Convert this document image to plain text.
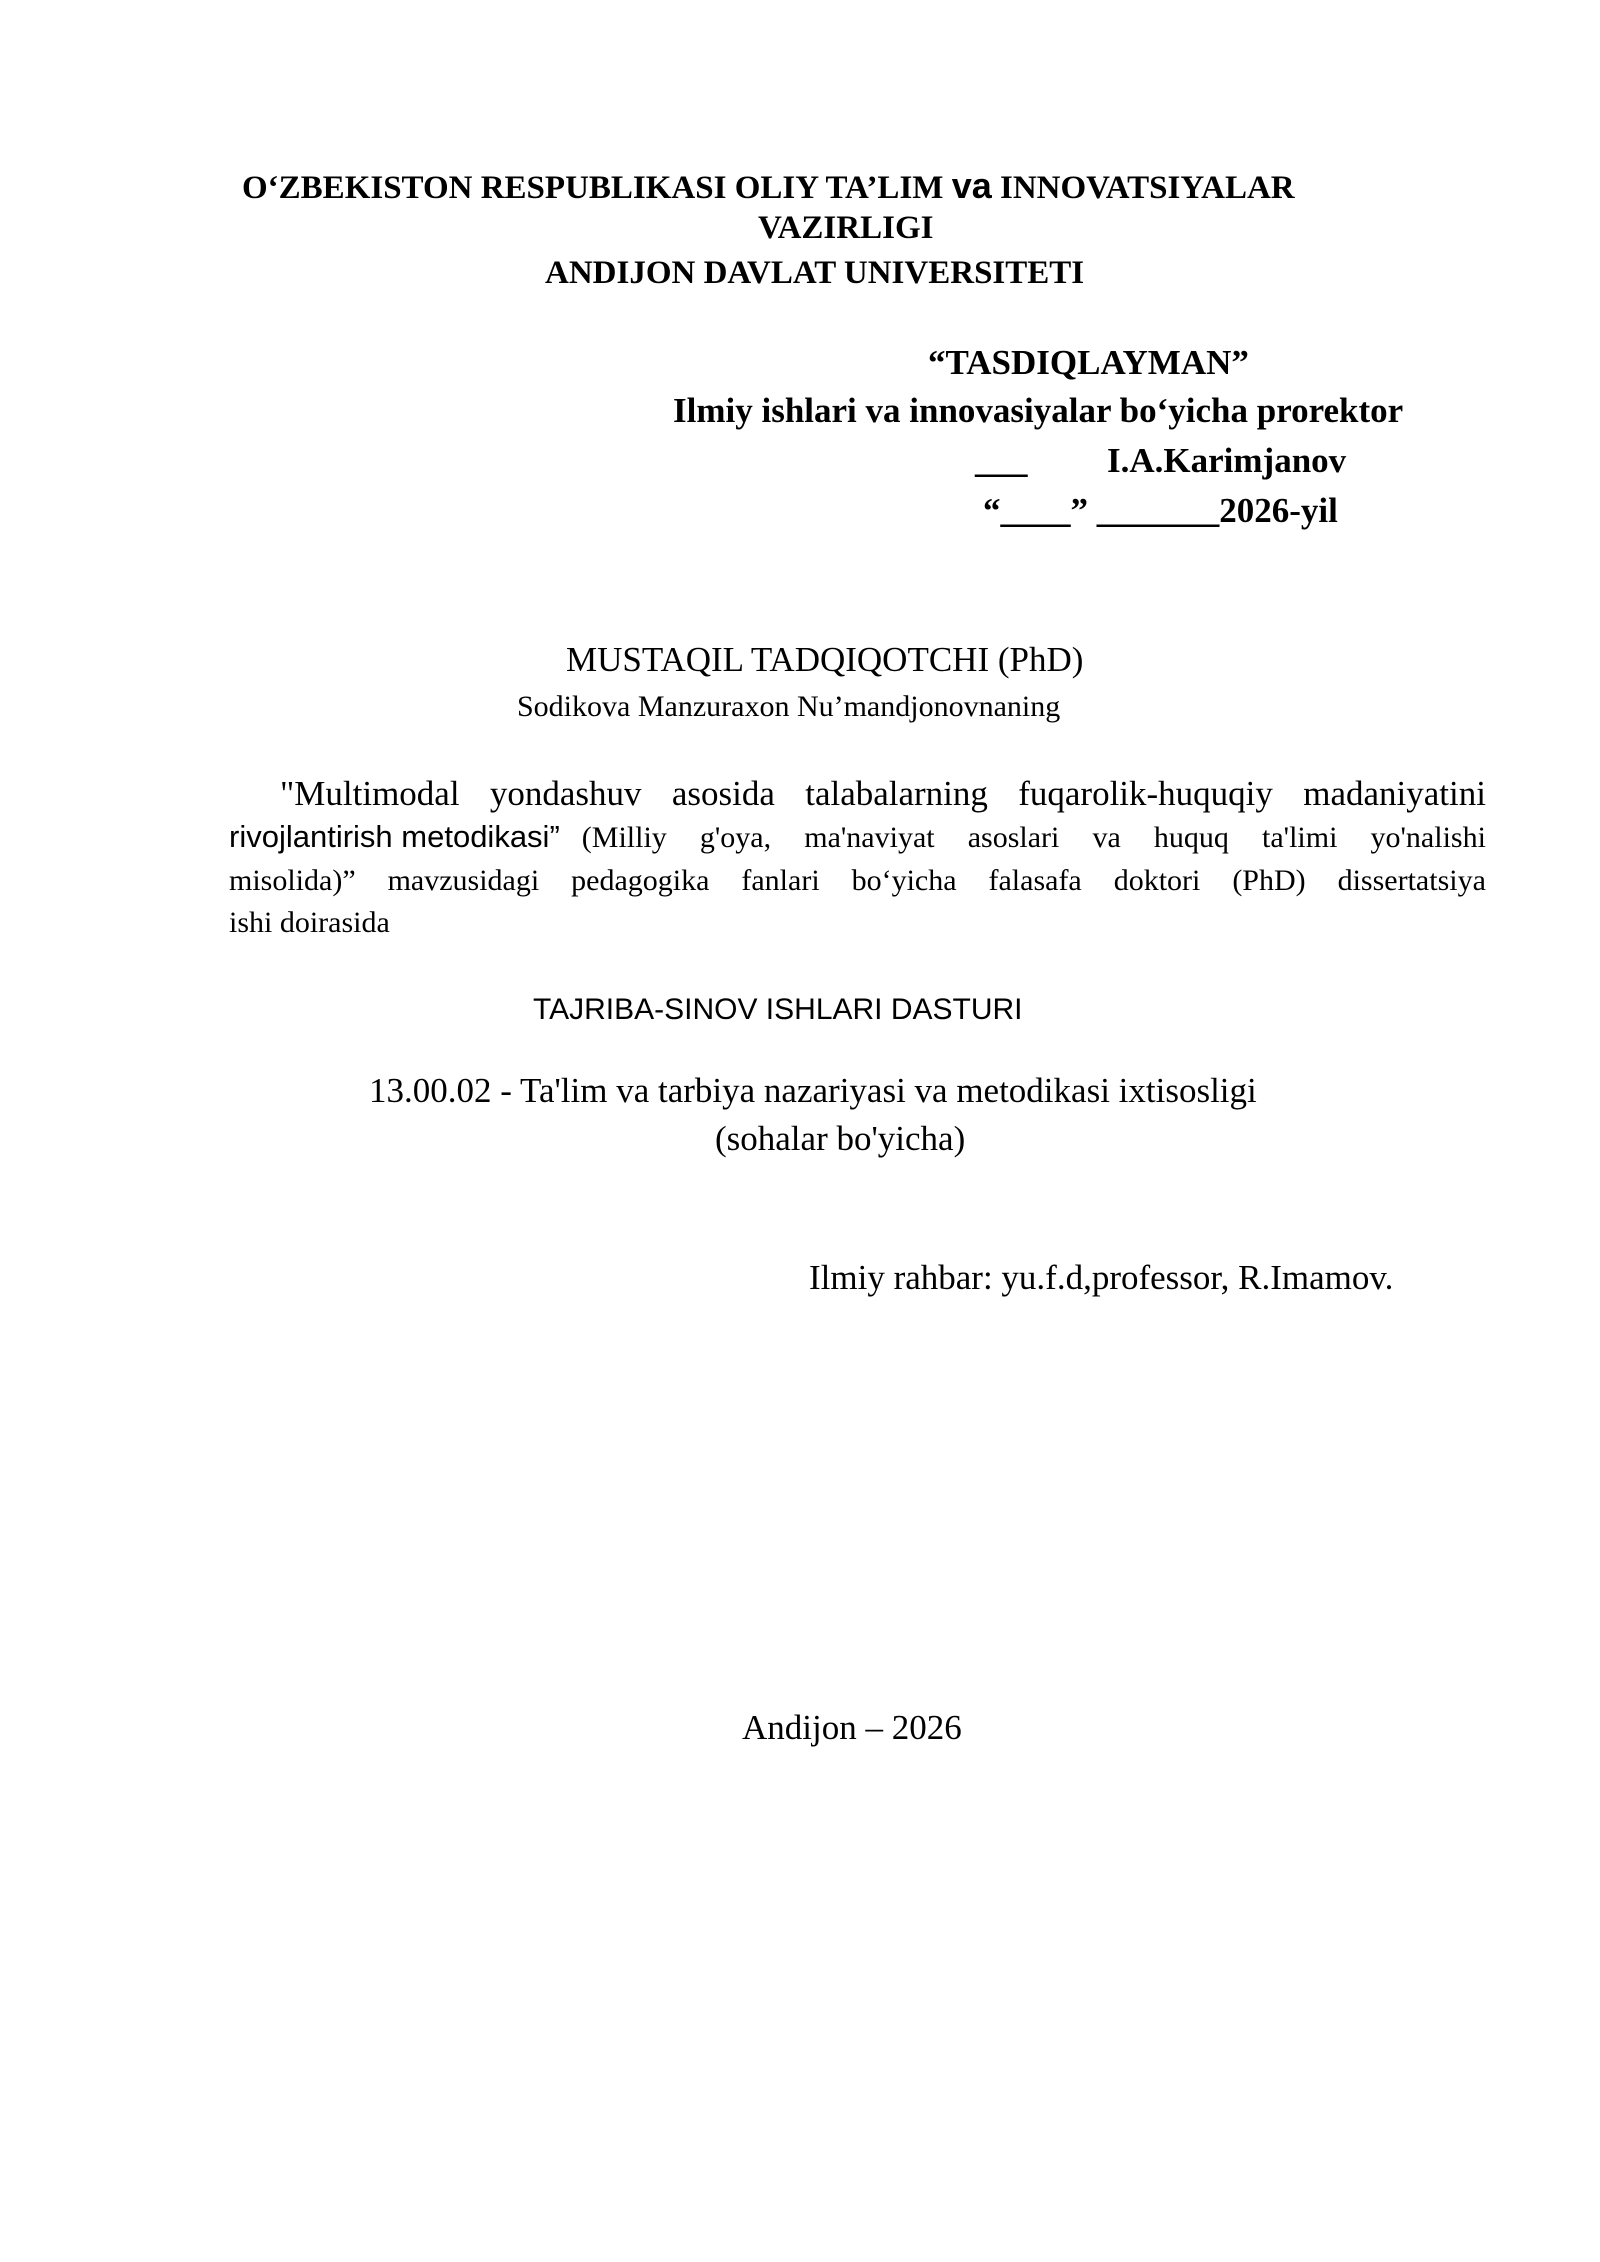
O‘ZBEKISTON RESPUBLIKASI OLIY TA’LIM va INNOVATSIYALAR
VAZIRLIGI
ANDIJON DAVLAT UNIVERSITETI
“TASDIQLAYMAN”
Ilmiy ishlari va innovasiyalar bo‘yicha prorektor
___ I.A.Karimjanov
“____” _______2026-yil
MUSTAQIL TADQIQOTCHI (PhD)
Sodikova Manzuraxon Nu’mandjonovnaning
"Multimodal yondashuv asosida talabalarning fuqarolik-huquqiy madaniyatini
rivojlantirish metodikasi” (Milliy g'oya, ma'naviyat asoslari va huquq ta'limi yo'nalishi
misolida)” mavzusidagi pedagogika fanlari bo‘yicha falasafa doktori (PhD) dissertatsiya
ishi doirasida
TAJRIBA-SINOV ISHLARI DASTURI
13.00.02 - Ta'lim va tarbiya nazariyasi va metodikasi ixtisosligi
(sohalar bo'yicha)
Ilmiy rahbar: yu.f.d,professor, R.Imamov.
Andijon – 2026
